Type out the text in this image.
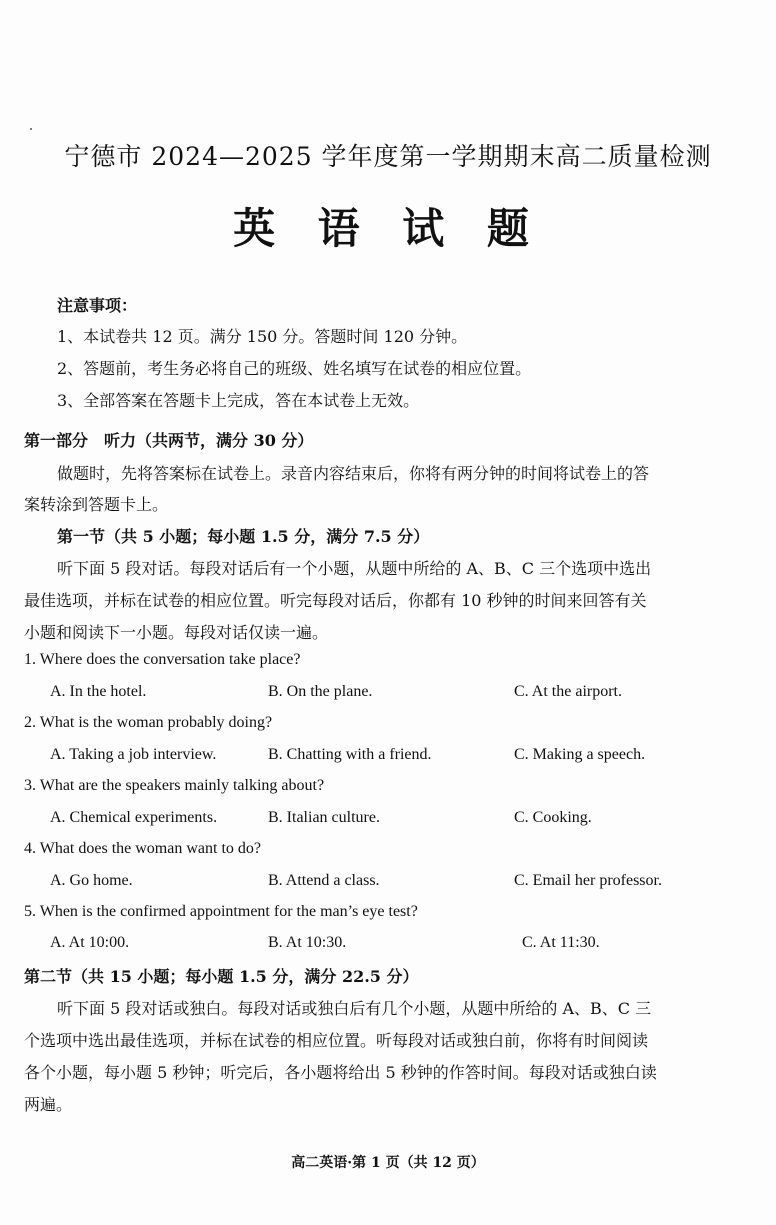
宁德市 2024—2025 学年度第一学期期末高二质量检测
英 语 试 题
注意事项：
1、本试卷共 12 页。满分 150 分。答题时间 120 分钟。
2、答题前，考生务必将自己的班级、姓名填写在试卷的相应位置。
3、全部答案在答题卡上完成，答在本试卷上无效。
第一部分　听力（共两节，满分 30 分）
做题时，先将答案标在试卷上。录音内容结束后，你将有两分钟的时间将试卷上的答
案转涂到答题卡上。
第一节（共 5 小题；每小题 1.5 分，满分 7.5 分）
听下面 5 段对话。每段对话后有一个小题，从题中所给的 A、B、C 三个选项中选出
最佳选项，并标在试卷的相应位置。听完每段对话后，你都有 10 秒钟的时间来回答有关
小题和阅读下一小题。每段对话仅读一遍。
1. Where does the conversation take place?
A. In the hotel.	B. On the plane.	C. At the airport.
2. What is the woman probably doing?
A. Taking a job interview.	B. Chatting with a friend.	C. Making a speech.
3. What are the speakers mainly talking about?
A. Chemical experiments.	B. Italian culture.	C. Cooking.
4. What does the woman want to do?
A. Go home.	B. Attend a class.	C. Email her professor.
5. When is the confirmed appointment for the man’s eye test?
A. At 10:00.	B. At 10:30.	C. At 11:30.
第二节（共 15 小题；每小题 1.5 分，满分 22.5 分）
听下面 5 段对话或独白。每段对话或独白后有几个小题，从题中所给的 A、B、C 三
个选项中选出最佳选项，并标在试卷的相应位置。听每段对话或独白前，你将有时间阅读
各个小题，每小题 5 秒钟；听完后，各小题将给出 5 秒钟的作答时间。每段对话或独白读
两遍。
高二英语·第 1 页（共 12 页）
